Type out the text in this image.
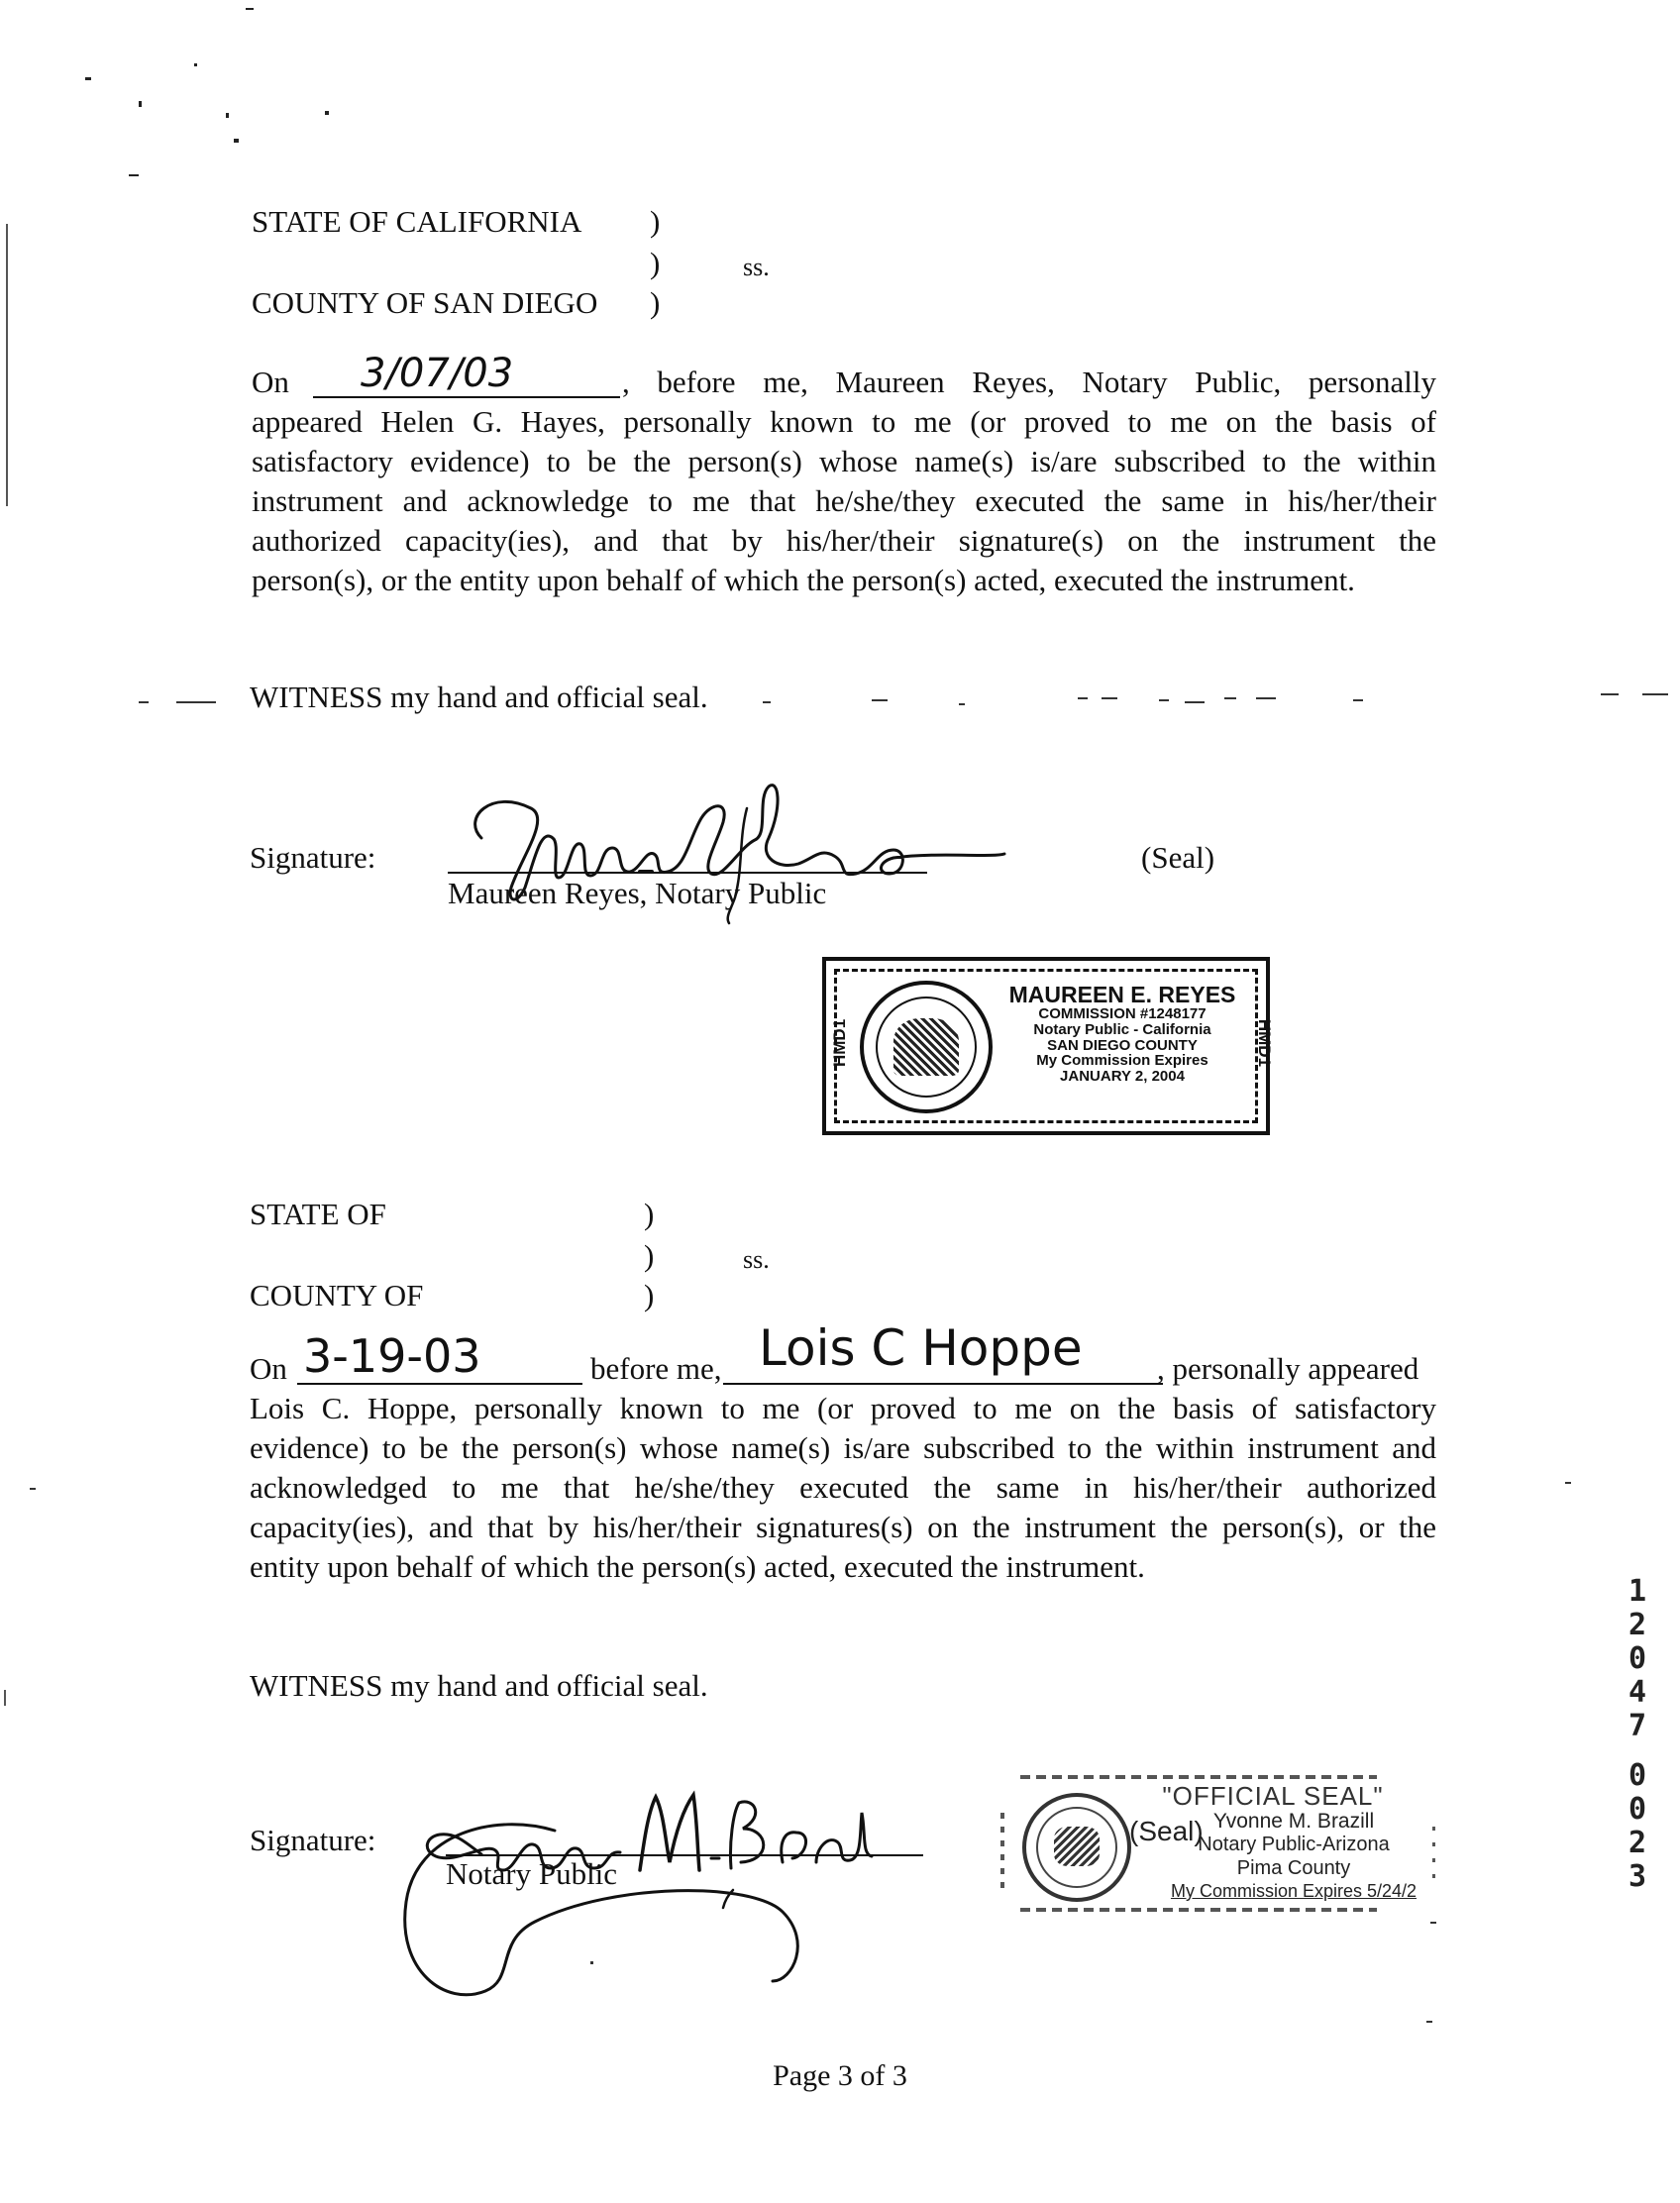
STATE OF CALIFORNIA )
)	ss.
COUNTY OF SAN DIEGO )
On 3/07/03	, before me, Maureen Reyes, Notary Public, personally
appeared Helen G. Hayes, personally known to me (or proved to me on the basis of
satisfactory evidence) to be the person(s) whose name(s) is/are subscribed to the within
instrument and acknowledge to me that he/she/they executed the same in his/her/their
authorized capacity(ies), and that by his/her/their signature(s) on the instrument the
person(s), or the entity upon behalf of which the person(s) acted, executed the instrument.
WITNESS my hand and official seal.
Signature:
Maureen Reyes, Notary Public
(Seal)
HMD1	HMD1
MAUREEN E. REYES
COMMISSION #1248177
Notary Public - California
SAN DIEGO COUNTY
My Commission Expires
JANUARY 2, 2004
STATE OF	)
)	ss.
COUNTY OF	)
On 3-19-03	before me, Lois C Hoppe , personally appeared
Lois C. Hoppe, personally known to me (or proved to me on the basis of satisfactory
evidence) to be the person(s) whose name(s) is/are subscribed to the within instrument and
acknowledged to me that he/she/they executed the same in his/her/their authorized
capacity(ies), and that by his/her/their signatures(s) on the instrument the person(s), or the
entity upon behalf of which the person(s) acted, executed the instrument.
WITNESS my hand and official seal.
Signature:
Notary Public
"OFFICIAL SEAL"
(Seal) Yvonne M. Brazill
Notary Public-Arizona
Pima County
My Commission Expires 5/24/2
1
2
0
4
7
0
0
2
3
Page 3 of 3
